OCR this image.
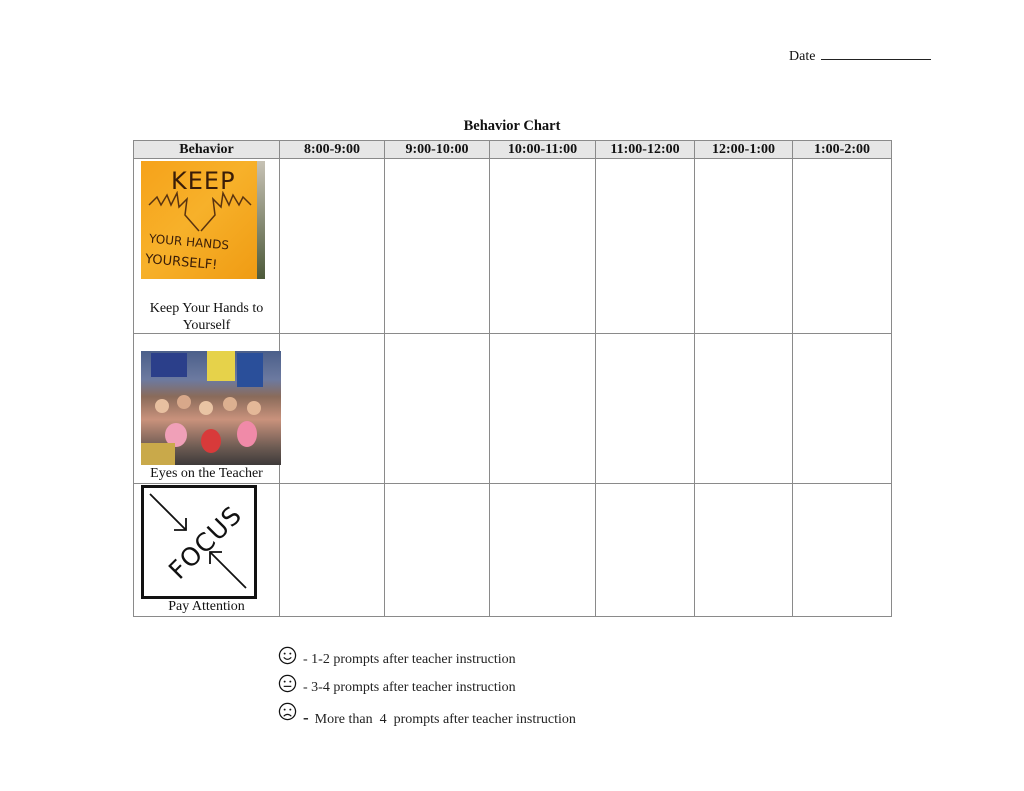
Date
Behavior Chart
Behavior	8:00-9:00	9:00-10:00	10:00-11:00	11:00-12:00	12:00-1:00	1:00-2:00

KEEP
YOUR HANDS
YOURSELF!
Keep Your Hands to
Yourself						

Eyes on the Teacher						

FOCUS
Pay Attention						

- 1-2 prompts after teacher instruction
- 3-4 prompts after teacher instruction
- More than  4  prompts after teacher instruction
